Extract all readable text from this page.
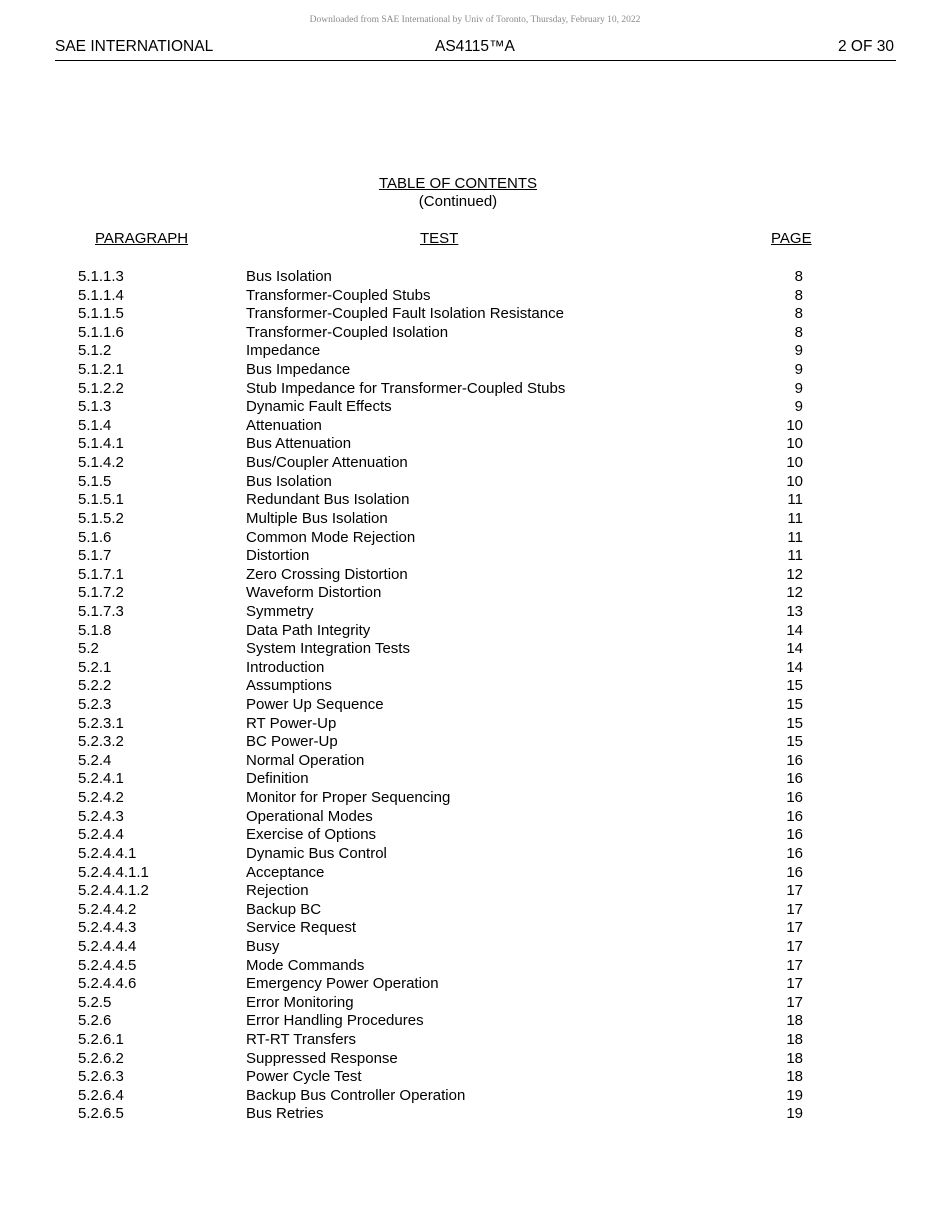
Downloaded from SAE International by Univ of Toronto, Thursday, February 10, 2022
SAE INTERNATIONAL	AS4115™A	2 OF 30
TABLE OF CONTENTS
(Continued)
PARAGRAPH	TEST	PAGE
5.1.1.3	Bus Isolation	8
5.1.1.4	Transformer-Coupled Stubs	8
5.1.1.5	Transformer-Coupled Fault Isolation Resistance	8
5.1.1.6	Transformer-Coupled Isolation	8
5.1.2	Impedance	9
5.1.2.1	Bus Impedance	9
5.1.2.2	Stub Impedance for Transformer-Coupled Stubs	9
5.1.3	Dynamic Fault Effects	9
5.1.4	Attenuation	10
5.1.4.1	Bus Attenuation	10
5.1.4.2	Bus/Coupler Attenuation	10
5.1.5	Bus Isolation	10
5.1.5.1	Redundant Bus Isolation	11
5.1.5.2	Multiple Bus Isolation	11
5.1.6	Common Mode Rejection	11
5.1.7	Distortion	11
5.1.7.1	Zero Crossing Distortion	12
5.1.7.2	Waveform Distortion	12
5.1.7.3	Symmetry	13
5.1.8	Data Path Integrity	14
5.2	System Integration Tests	14
5.2.1	Introduction	14
5.2.2	Assumptions	15
5.2.3	Power Up Sequence	15
5.2.3.1	RT Power-Up	15
5.2.3.2	BC Power-Up	15
5.2.4	Normal Operation	16
5.2.4.1	Definition	16
5.2.4.2	Monitor for Proper Sequencing	16
5.2.4.3	Operational Modes	16
5.2.4.4	Exercise of Options	16
5.2.4.4.1	Dynamic Bus Control	16
5.2.4.4.1.1	Acceptance	16
5.2.4.4.1.2	Rejection	17
5.2.4.4.2	Backup BC	17
5.2.4.4.3	Service Request	17
5.2.4.4.4	Busy	17
5.2.4.4.5	Mode Commands	17
5.2.4.4.6	Emergency Power Operation	17
5.2.5	Error Monitoring	17
5.2.6	Error Handling Procedures	18
5.2.6.1	RT-RT Transfers	18
5.2.6.2	Suppressed Response	18
5.2.6.3	Power Cycle Test	18
5.2.6.4	Backup Bus Controller Operation	19
5.2.6.5	Bus Retries	19
